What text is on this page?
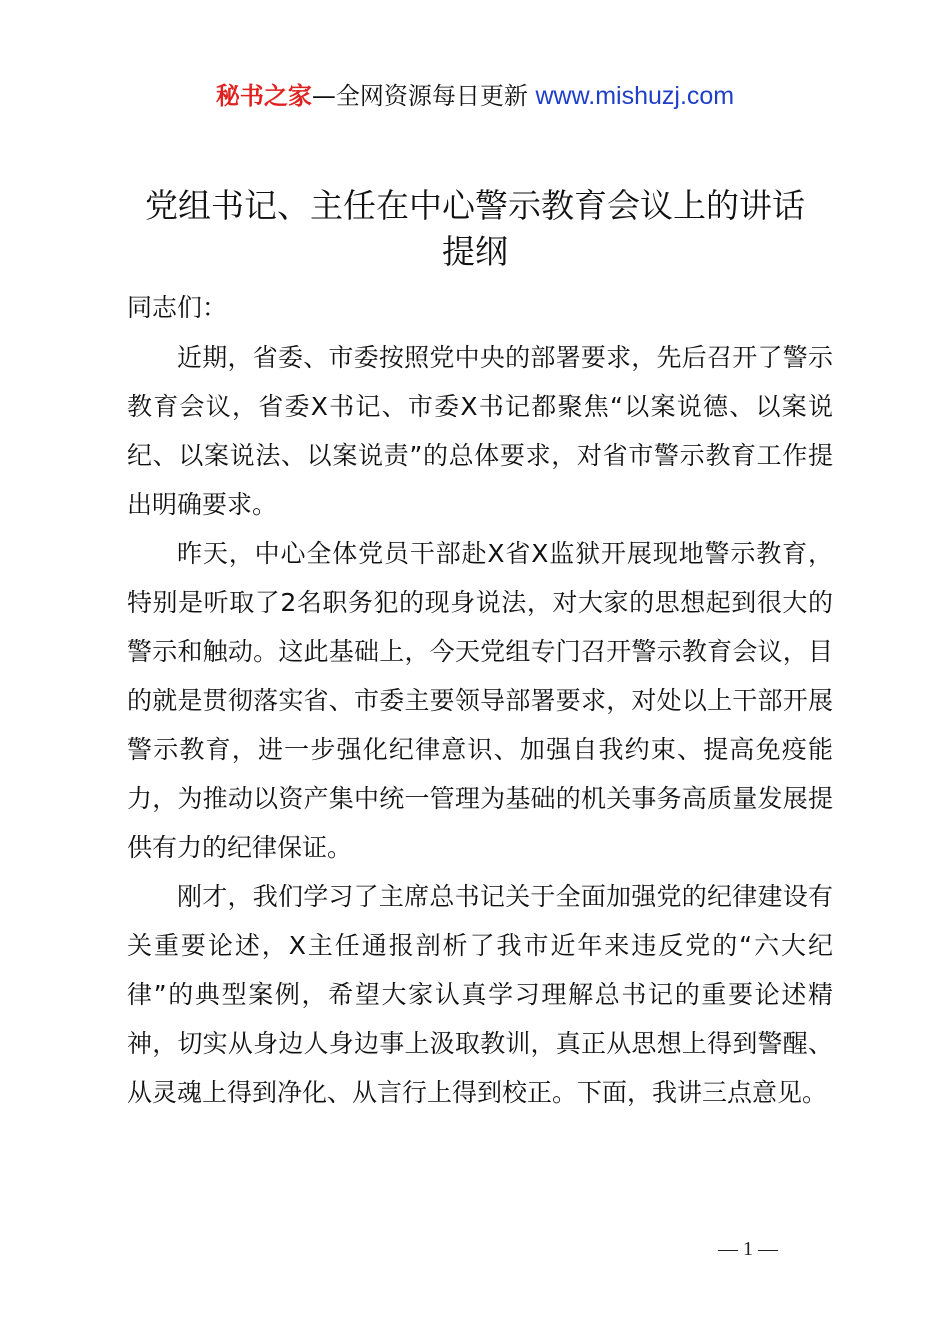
秘书之家—全网资源每日更新 www.mishuzj.com
党组书记、主任在中心警示教育会议上的讲话
提纲

同志们：

近期，省委、市委按照党中央的部署要求，先后召开了警示教育会议，省委X书记、市委X书记都聚焦“以案说德、以案说纪、以案说法、以案说责”的总体要求，对省市警示教育工作提出明确要求。

昨天，中心全体党员干部赴X省X监狱开展现地警示教育，特别是听取了2名职务犯的现身说法，对大家的思想起到很大的警示和触动。这此基础上，今天党组专门召开警示教育会议，目的就是贯彻落实省、市委主要领导部署要求，对处以上干部开展警示教育，进一步强化纪律意识、加强自我约束、提高免疫能力，为推动以资产集中统一管理为基础的机关事务高质量发展提供有力的纪律保证。

刚才，我们学习了主席总书记关于全面加强党的纪律建设有关重要论述，X主任通报剖析了我市近年来违反党的“六大纪律”的典型案例，希望大家认真学习理解总书记的重要论述精神，切实从身边人身边事上汲取教训，真正从思想上得到警醒、从灵魂上得到净化、从言行上得到校正。下面，我讲三点意见。

— 1 —
